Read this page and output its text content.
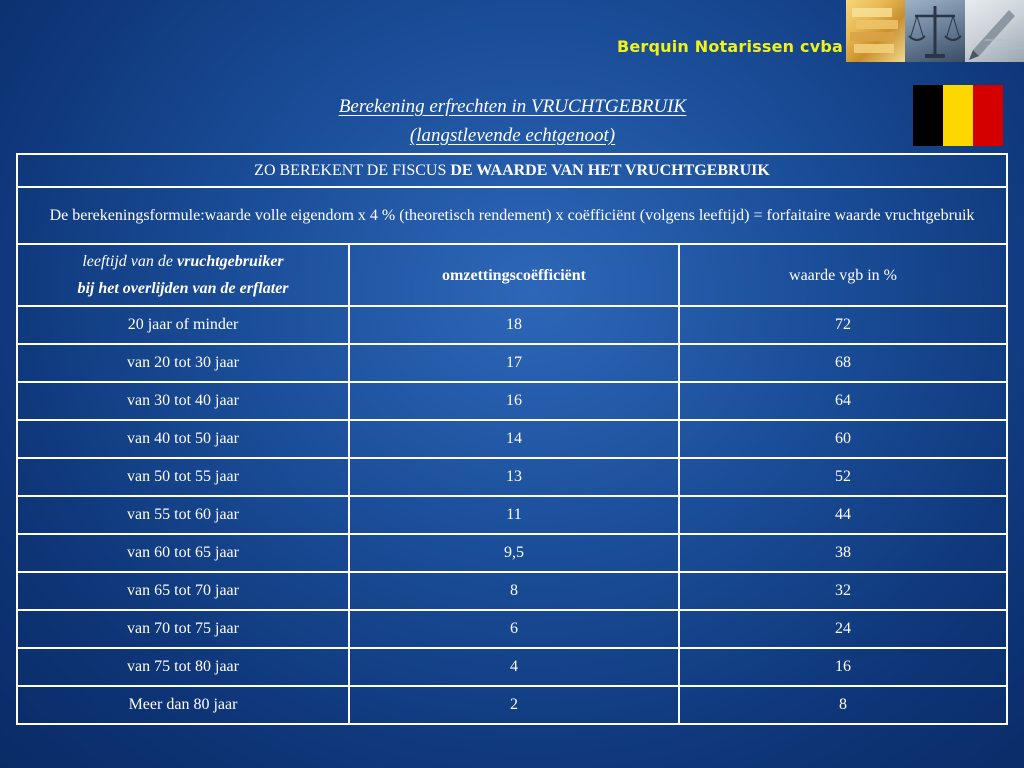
Berquin Notarissen cvba
Berekening erfrechten in VRUCHTGEBRUIK
(langstlevende echtgenoot)
ZO BEREKENT DE FISCUS DE WAARDE VAN HET VRUCHTGEBRUIK		
De berekeningsformule:waarde volle eigendom x 4 % (theoretisch rendement) x coëfficiënt (volgens leeftijd) = forfaitaire waarde vruchtgebruik		
leeftijd van de vruchtgebruiker
bij het overlijden van de erflater	omzettingscoëfficiënt	waarde vgb in %
20 jaar of minder	18	72
van 20 tot 30 jaar	17	68
van 30 tot 40 jaar	16	64
van 40 tot 50 jaar	14	60
van 50 tot 55 jaar	13	52
van 55 tot 60 jaar	11	44
van 60 tot 65 jaar	9,5	38
van 65 tot 70 jaar	8	32
van 70 tot 75 jaar	6	24
van 75 tot 80 jaar	4	16
Meer dan 80 jaar	2	8
